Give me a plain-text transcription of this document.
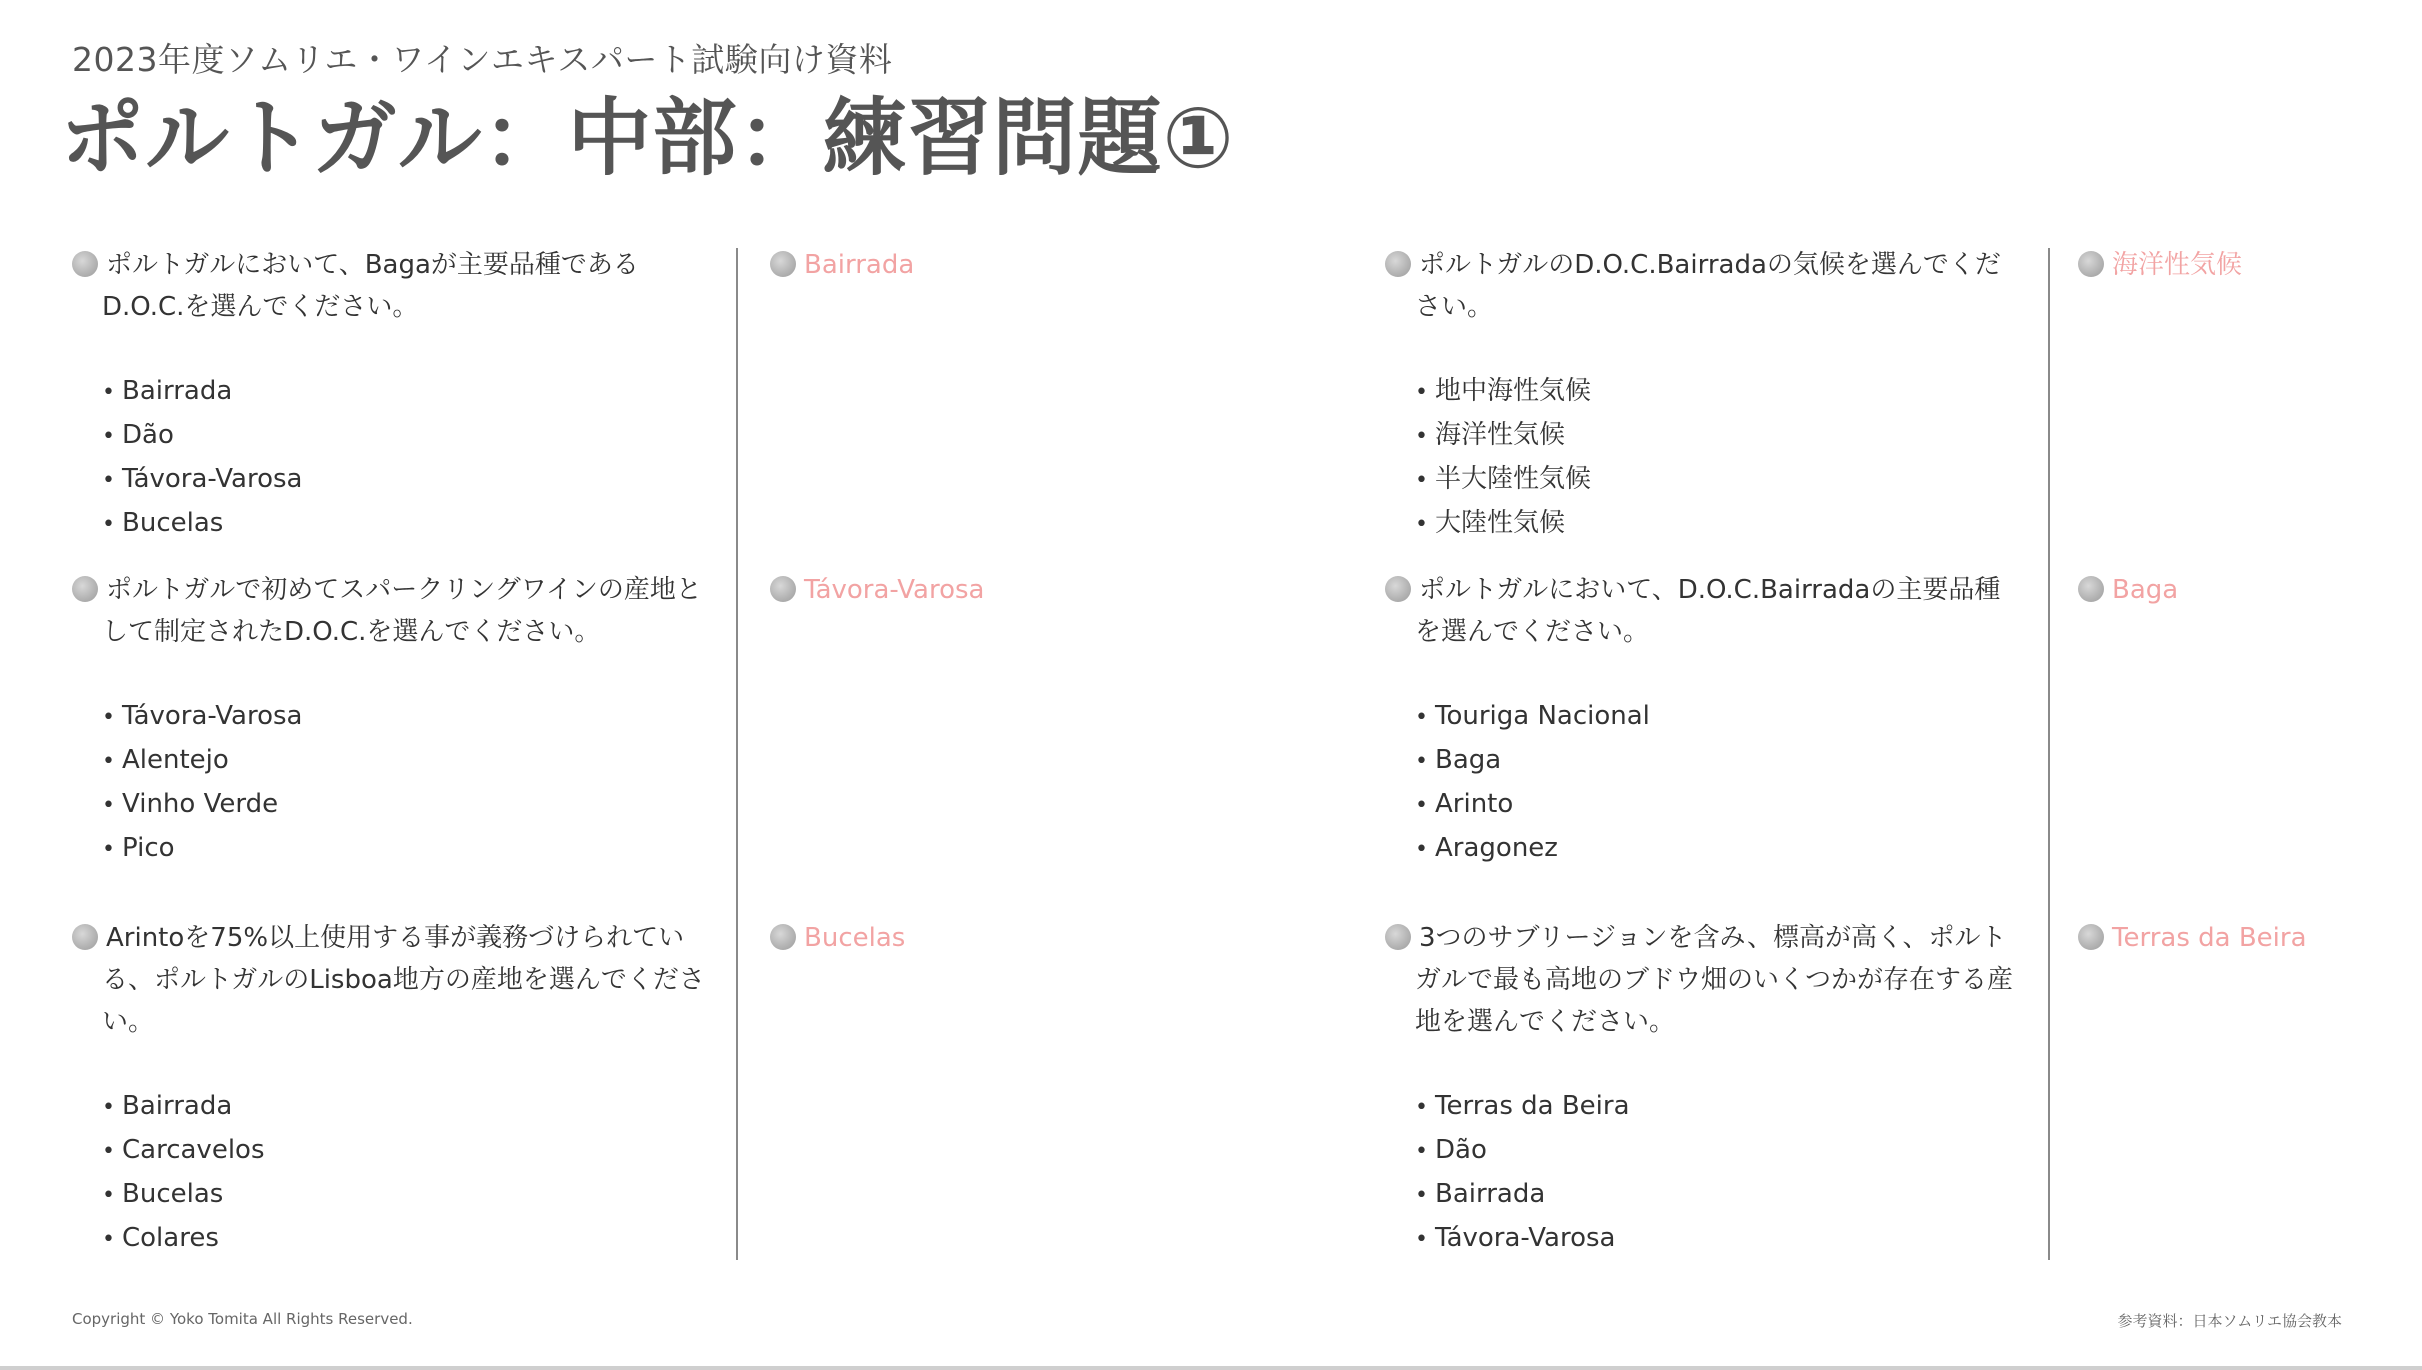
2023年度ソムリエ・ワインエキスパート試験向け資料
ポルトガル：中部：練習問題①
ポルトガルにおいて、Bagaが主要品種であるD.O.C.を選んでください。
• Bairrada
• Dão
• Távora-Varosa
• Bucelas
Bairrada
ポルトガルで初めてスパークリングワインの産地として制定されたD.O.C.を選んでください。
• Távora-Varosa
• Alentejo
• Vinho Verde
• Pico
Távora-Varosa
Arintoを75%以上使用する事が義務づけられている、ポルトガルのLisboa地方の産地を選んでください。
• Bairrada
• Carcavelos
• Bucelas
• Colares
Bucelas
ポルトガルのD.O.C.Bairradaの気候を選んでください。
• 地中海性気候
• 海洋性気候
• 半大陸性気候
• 大陸性気候
海洋性気候
ポルトガルにおいて、D.O.C.Bairradaの主要品種を選んでください。
• Touriga Nacional
• Baga
• Arinto
• Aragonez
Baga
3つのサブリージョンを含み、標高が高く、ポルトガルで最も高地のブドウ畑のいくつかが存在する産地を選んでください。
• Terras da Beira
• Dão
• Bairrada
• Távora-Varosa
Terras da Beira
Copyright © Yoko Tomita All Rights Reserved.	参考資料：日本ソムリエ協会教本
